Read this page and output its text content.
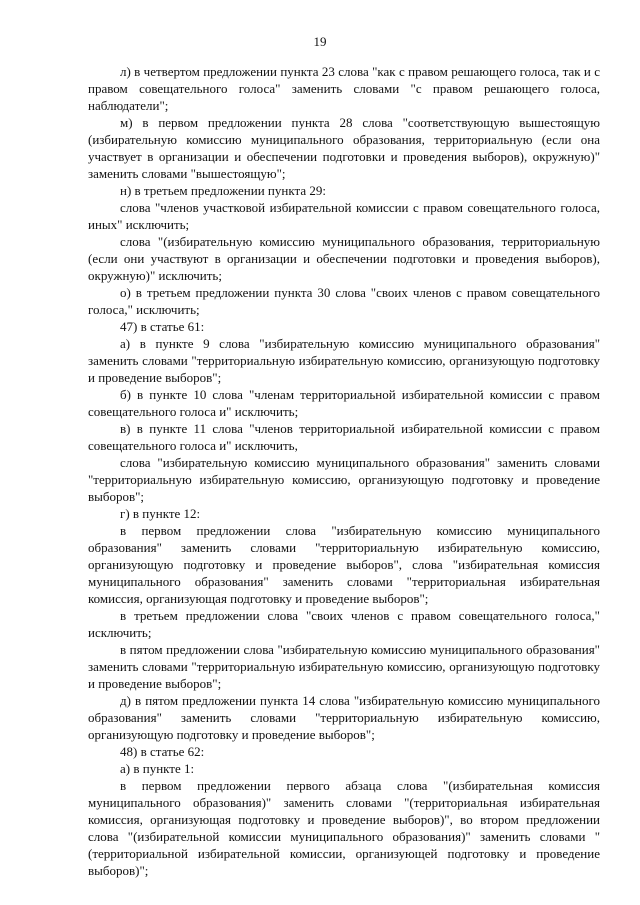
19

л) в четвертом предложении пункта 23 слова "как с правом решающего голоса, так и с правом совещательного голоса" заменить словами "с правом решающего голоса, наблюдатели";

м) в первом предложении пункта 28 слова "соответствующую вышестоящую (избирательную комиссию муниципального образования, территориальную (если она участвует в организации и обеспечении подготовки и проведения выборов), окружную)" заменить словами "вышестоящую";

н) в третьем предложении пункта 29:

слова "членов участковой избирательной комиссии с правом совещательного голоса, иных" исключить;

слова "(избирательную комиссию муниципального образования, территориальную (если они участвуют в организации и обеспечении подготовки и проведения выборов), окружную)" исключить;

о) в третьем предложении пункта 30 слова "своих членов с правом совещательного голоса," исключить;

47) в статье 61:

а) в пункте 9 слова "избирательную комиссию муниципального образования" заменить словами "территориальную избирательную комиссию, организующую подготовку и проведение выборов";

б) в пункте 10 слова "членам территориальной избирательной комиссии с правом совещательного голоса и" исключить;

в) в пункте 11 слова "членов территориальной избирательной комиссии с правом совещательного голоса и" исключить,

слова "избирательную комиссию муниципального образования" заменить словами "территориальную избирательную комиссию, организующую подготовку и проведение выборов";

г) в пункте 12:

в первом предложении слова "избирательную комиссию муниципального образования" заменить словами "территориальную избирательную комиссию, организующую подготовку и проведение выборов", слова "избирательная комиссия муниципального образования" заменить словами "территориальная избирательная комиссия, организующая подготовку и проведение выборов";

в третьем предложении слова "своих членов с правом совещательного голоса," исключить;

в пятом предложении слова "избирательную комиссию муниципального образования" заменить словами "территориальную избирательную комиссию, организующую подготовку и проведение выборов";

д) в пятом предложении пункта 14 слова "избирательную комиссию муниципального образования" заменить словами "территориальную избирательную комиссию, организующую подготовку и проведение выборов";

48) в статье 62:

а) в пункте 1:

в первом предложении первого абзаца слова "(избирательная комиссия муниципального образования)" заменить словами "(территориальная избирательная комиссия, организующая подготовку и проведение выборов)", во втором предложении слова "(избирательной комиссии муниципального образования)" заменить словами "(территориальной избирательной комиссии, организующей подготовку и проведение выборов)";
